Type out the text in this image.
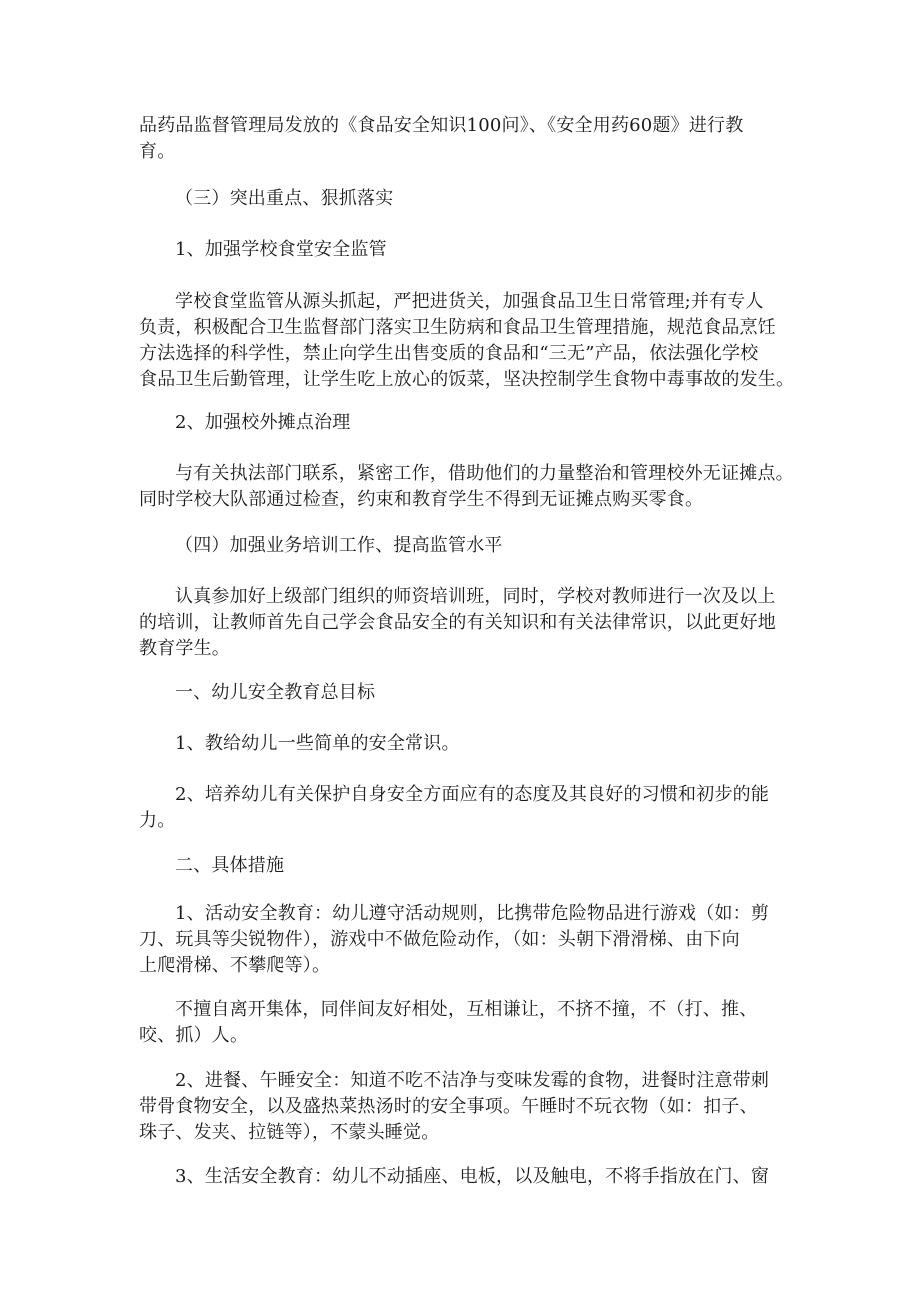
品药品监督管理局发放的《食品安全知识100问》、《安全用药60题》进行教
育。
（三）突出重点、狠抓落实
1、加强学校食堂安全监管
学校食堂监管从源头抓起，严把进货关，加强食品卫生日常管理;并有专人
负责，积极配合卫生监督部门落实卫生防病和食品卫生管理措施，规范食品烹饪
方法选择的科学性，禁止向学生出售变质的食品和“三无”产品，依法强化学校
食品卫生后勤管理，让学生吃上放心的饭菜，坚决控制学生食物中毒事故的发生。
2、加强校外摊点治理
与有关执法部门联系，紧密工作，借助他们的力量整治和管理校外无证摊点。
同时学校大队部通过检查，约束和教育学生不得到无证摊点购买零食。
（四）加强业务培训工作、提高监管水平
认真参加好上级部门组织的师资培训班，同时，学校对教师进行一次及以上
的培训，让教师首先自己学会食品安全的有关知识和有关法律常识，以此更好地
教育学生。
一、幼儿安全教育总目标
1、教给幼儿一些简单的安全常识。
2、培养幼儿有关保护自身安全方面应有的态度及其良好的习惯和初步的能
力。
二、具体措施
1、活动安全教育：幼儿遵守活动规则，比携带危险物品进行游戏（如：剪
刀、玩具等尖锐物件），游戏中不做危险动作，（如：头朝下滑滑梯、由下向
上爬滑梯、不攀爬等）。
不擅自离开集体，同伴间友好相处，互相谦让，不挤不撞，不（打、推、
咬、抓）人。
2、进餐、午睡安全：知道不吃不洁净与变味发霉的食物，进餐时注意带刺
带骨食物安全，以及盛热菜热汤时的安全事项。午睡时不玩衣物（如：扣子、
珠子、发夹、拉链等），不蒙头睡觉。
3、生活安全教育：幼儿不动插座、电板，以及触电，不将手指放在门、窗
